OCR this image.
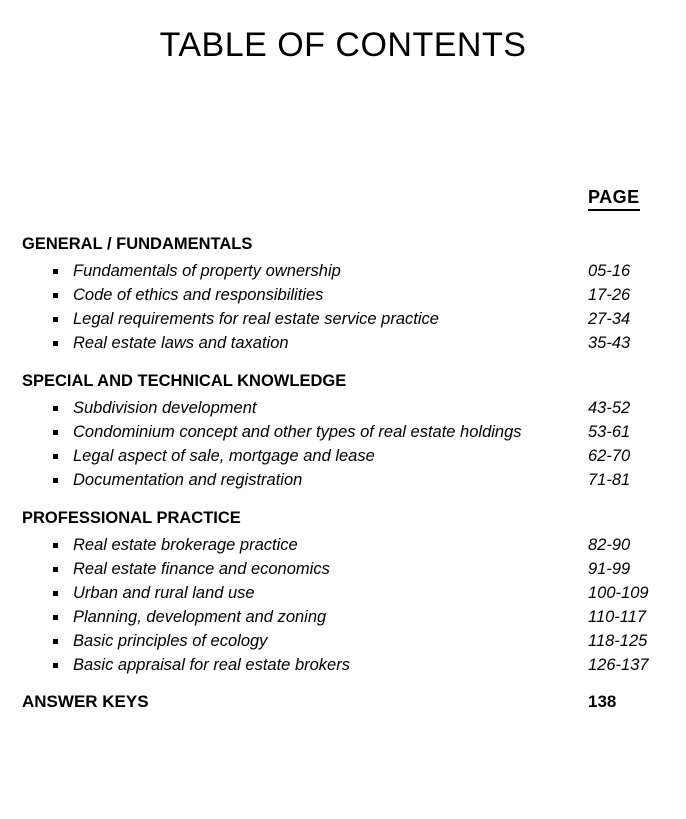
TABLE OF CONTENTS
PAGE
GENERAL / FUNDAMENTALS
Fundamentals of property ownership	05-16
Code of ethics and responsibilities	17-26
Legal requirements for real estate service practice	27-34
Real estate laws and taxation	35-43
SPECIAL AND TECHNICAL KNOWLEDGE
Subdivision development	43-52
Condominium concept and other types of real estate holdings	53-61
Legal aspect of sale, mortgage and lease	62-70
Documentation and registration	71-81
PROFESSIONAL PRACTICE
Real estate brokerage practice	82-90
Real estate finance and economics	91-99
Urban and rural land use	100-109
Planning, development and zoning	110-117
Basic principles of ecology	118-125
Basic appraisal for real estate brokers	126-137
ANSWER KEYS	138
